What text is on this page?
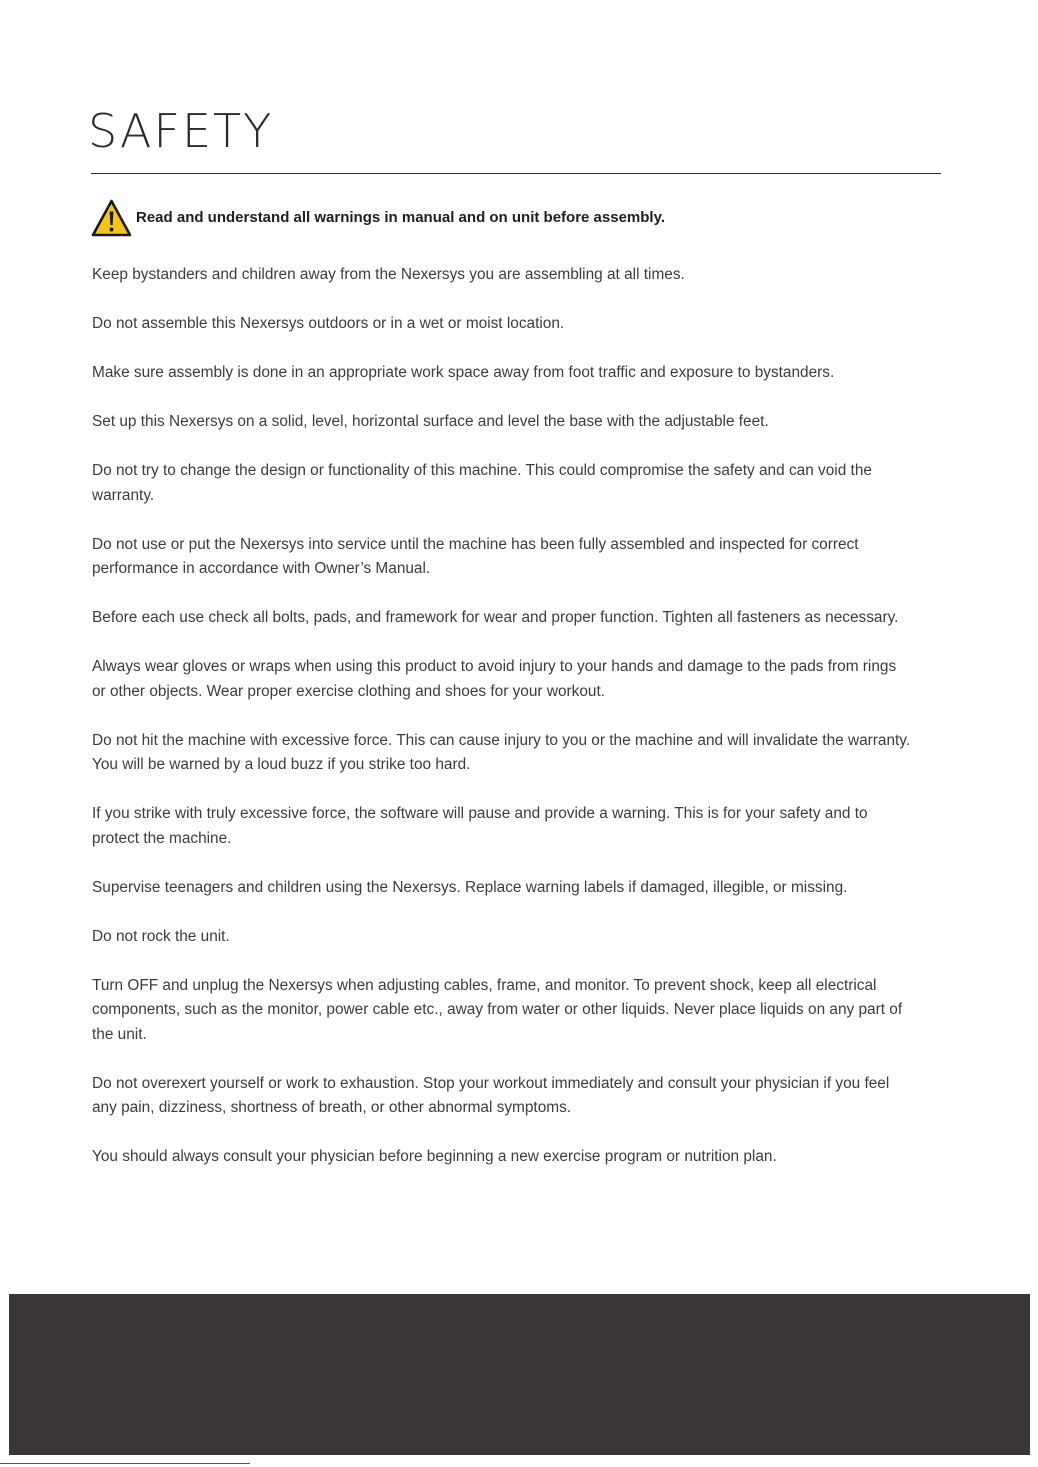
SAFETY
Read and understand all warnings in manual and on unit before assembly.
Keep bystanders and children away from the Nexersys you are assembling at all times.
Do not assemble this Nexersys outdoors or in a wet or moist location.
Make sure assembly is done in an appropriate work space away from foot traffic and exposure to bystanders.
Set up this Nexersys on a solid, level, horizontal surface and level the base with the adjustable feet.
Do not try to change the design or functionality of this machine. This could compromise the safety and can void the warranty.
Do not use or put the Nexersys into service until the machine has been fully assembled and inspected for correct performance in accordance with Owner’s Manual.
Before each use check all bolts, pads, and framework for wear and proper function. Tighten all fasteners as necessary.
Always wear gloves or wraps when using this product to avoid injury to your hands and damage to the pads from rings or other objects. Wear proper exercise clothing and shoes for your workout.
Do not hit the machine with excessive force. This can cause injury to you or the machine and will invalidate the warranty. You will be warned by a loud buzz if you strike too hard.
If you strike with truly excessive force, the software will pause and provide a warning. This is for your safety and to protect the machine.
Supervise teenagers and children using the Nexersys. Replace warning labels if damaged, illegible, or missing.
Do not rock the unit.
Turn OFF and unplug the Nexersys when adjusting cables, frame, and monitor. To prevent shock, keep all electrical components, such as the monitor, power cable etc., away from water or other liquids. Never place liquids on any part of the unit.
Do not overexert yourself or work to exhaustion. Stop your workout immediately and consult your physician if you feel any pain, dizziness, shortness of breath, or other abnormal symptoms.
You should always consult your physician before beginning a new exercise program or nutrition plan.
